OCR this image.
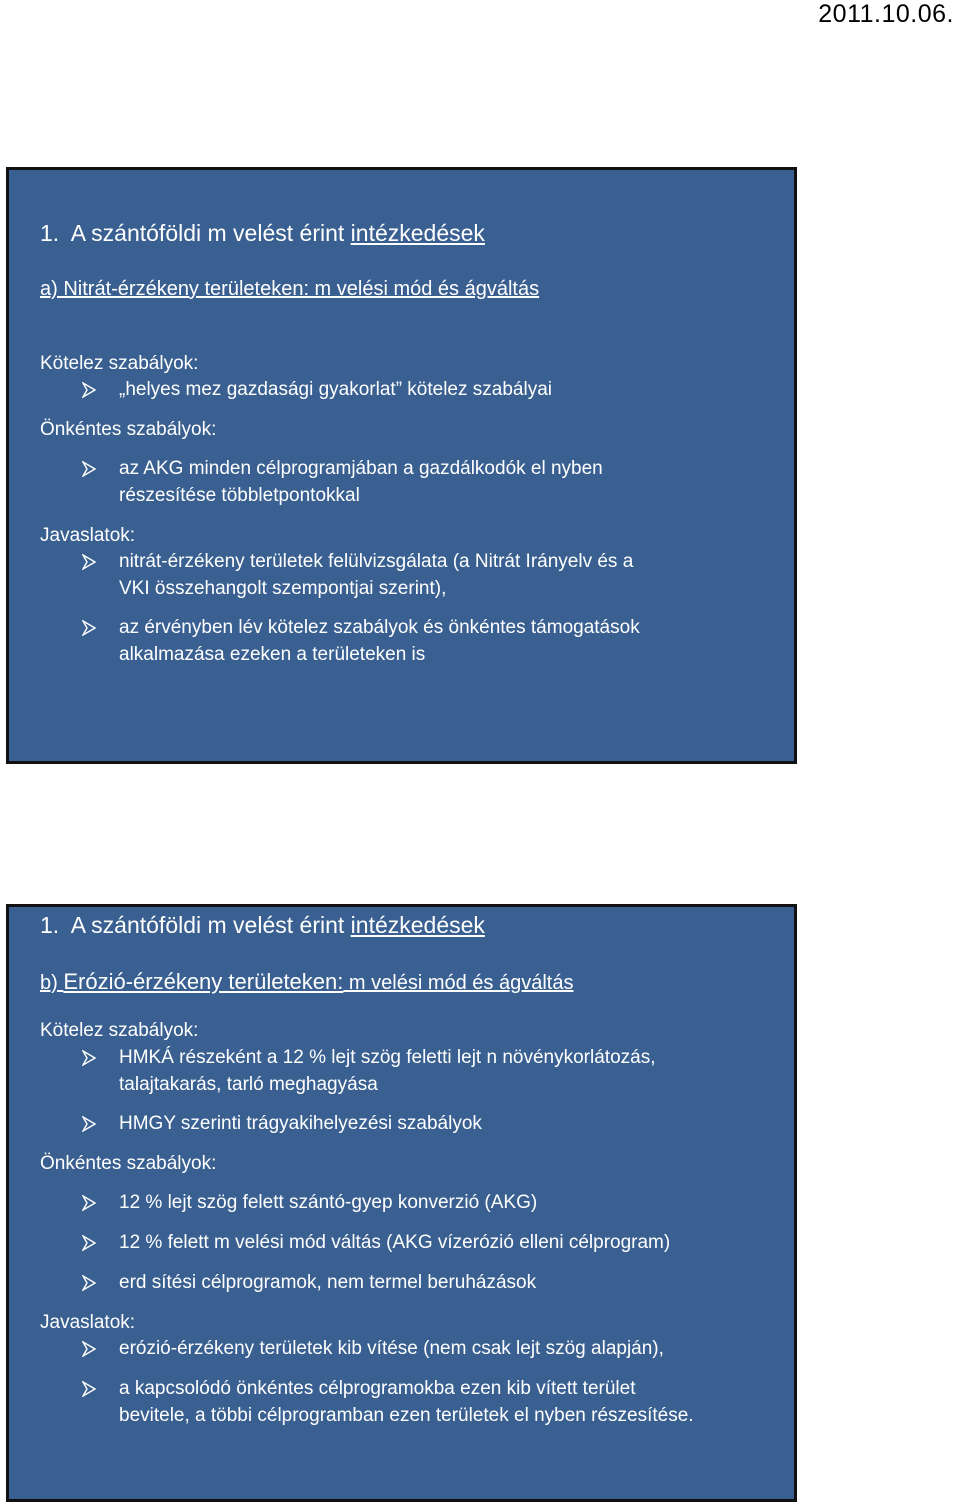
2011.10.06.
1. A szántóföldi m velést érint intézkedések
a) Nitrát-érzékeny területeken: m velési mód és ágváltás
Kötelez szabályok:
„helyes mez gazdasági gyakorlat” kötelez szabályai
Önkéntes szabályok:
az AKG minden célprogramjában a gazdálkodók el nyben
részesítése többletpontokkal
Javaslatok:
nitrát-érzékeny területek felülvizsgálata (a Nitrát Irányelv és a
VKI összehangolt szempontjai szerint),
az érvényben lév kötelez szabályok és önkéntes támogatások
alkalmazása ezeken a területeken is
1. A szántóföldi m velést érint intézkedések
b) Erózió-érzékeny területeken: m velési mód és ágváltás
Kötelez szabályok:
HMKÁ részeként a 12 % lejt szög feletti lejt n növénykorlátozás,
talajtakarás, tarló meghagyása
HMGY szerinti trágyakihelyezési szabályok
Önkéntes szabályok:
12 % lejt szög felett szántó-gyep konverzió (AKG)
12 % felett m velési mód váltás (AKG vízerózió elleni célprogram)
erd sítési célprogramok, nem termel beruházások
Javaslatok:
erózió-érzékeny területek kib vítése (nem csak lejt szög alapján),
a kapcsolódó önkéntes célprogramokba ezen kib vített terület
bevitele, a többi célprogramban ezen területek el nyben részesítése.
